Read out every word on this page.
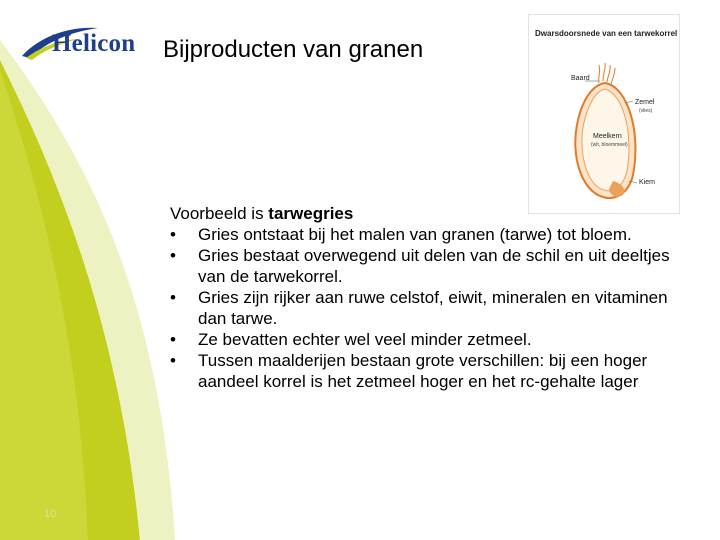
Helicon Bijproducten van granen
Dwarsdoorsnede van een tarwekorrel
Baard
Zemel
(vlies)
Meelkern
(wit, bloemmeel)
Kiem

Voorbeeld is tarwegries

•	Gries ontstaat bij het malen van granen (tarwe) tot bloem.
•	Gries bestaat overwegend uit delen van de schil en uit deeltjes van de tarwekorrel.
•	Gries zijn rijker aan ruwe celstof, eiwit, mineralen en vitaminen dan tarwe.
•	Ze bevatten echter wel veel minder zetmeel.
•	Tussen maalderijen bestaan grote verschillen: bij een hoger aandeel korrel is het zetmeel hoger en het rc-gehalte lager
10
